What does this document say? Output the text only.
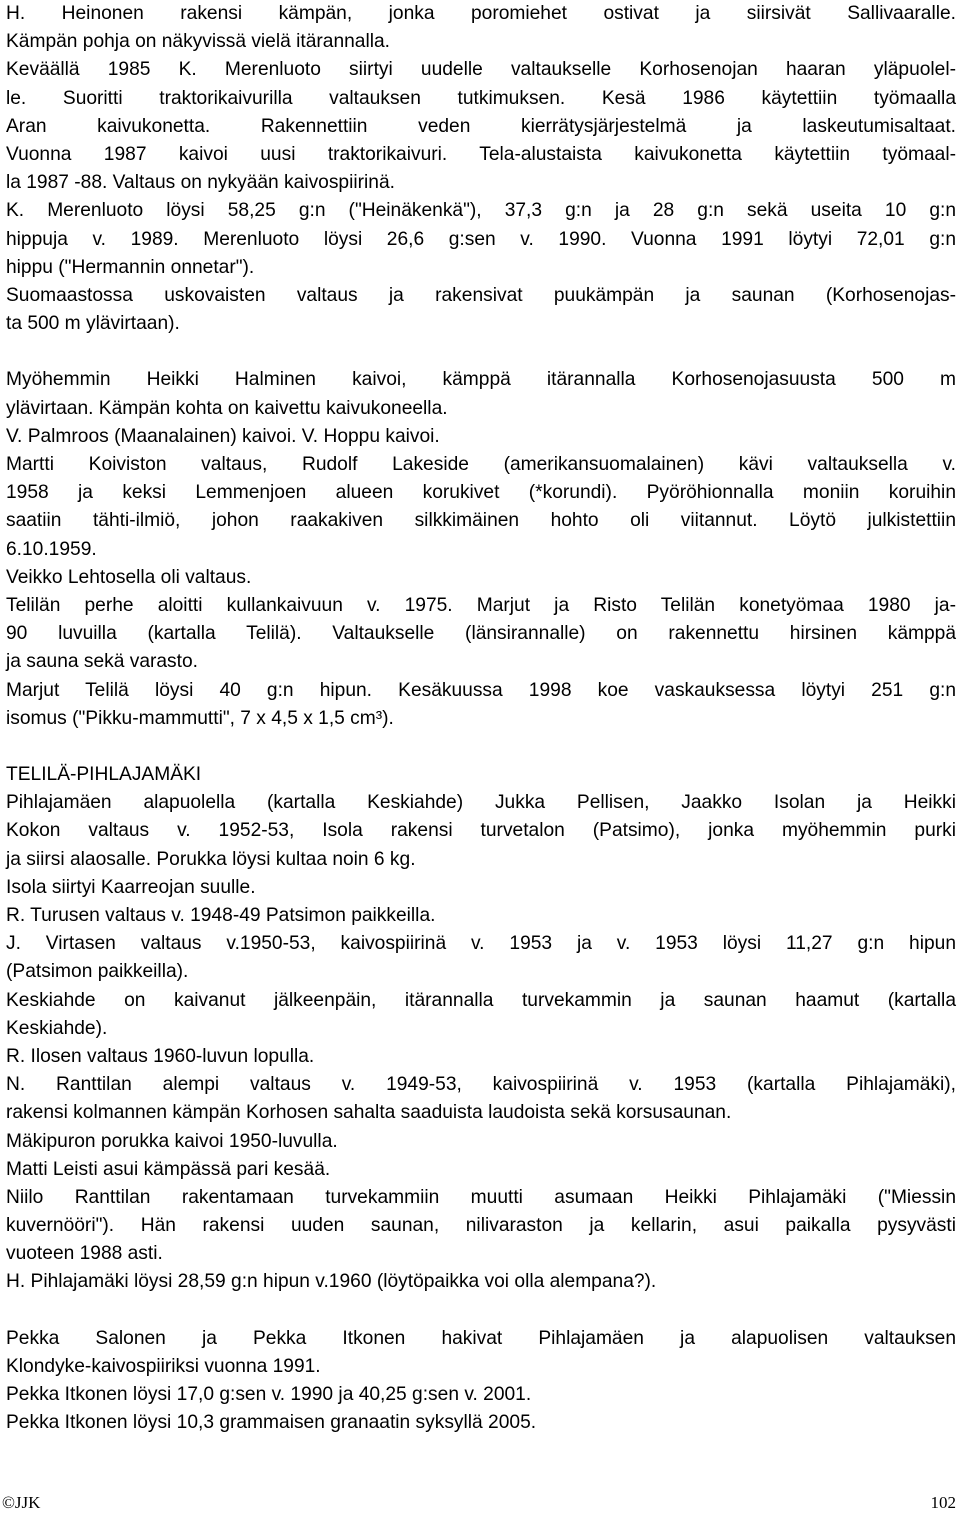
H. Heinonen rakensi kämpän, jonka poromiehet ostivat ja siirsivät Sallivaaralle.
Kämpän pohja on näkyvissä vielä itärannalla.
Keväällä 1985 K. Merenluoto siirtyi uudelle valtaukselle Korhosenojan haaran yläpuolel-
le. Suoritti traktorikaivurilla valtauksen tutkimuksen. Kesä 1986 käytettiin työmaalla
Aran kaivukonetta. Rakennettiin veden kierrätysjärjestelmä ja laskeutumisaltaat.
Vuonna 1987 kaivoi uusi traktorikaivuri. Tela-alustaista kaivukonetta käytettiin työmaal-
la 1987 -88. Valtaus on nykyään kaivospiirinä.
K. Merenluoto löysi 58,25 g:n ("Heinäkenkä"), 37,3 g:n ja 28 g:n sekä useita 10 g:n
hippuja v. 1989. Merenluoto löysi 26,6 g:sen v. 1990. Vuonna 1991 löytyi 72,01 g:n
hippu ("Hermannin onnetar").
Suomaastossa uskovaisten valtaus ja rakensivat puukämpän ja saunan (Korhosenojas-
ta 500 m ylävirtaan).
Myöhemmin Heikki Halminen kaivoi, kämppä itärannalla Korhosenojasuusta 500 m
ylävirtaan. Kämpän kohta on kaivettu kaivukoneella.
V. Palmroos (Maanalainen) kaivoi. V. Hoppu kaivoi.
Martti Koiviston valtaus, Rudolf Lakeside (amerikansuomalainen) kävi valtauksella v.
1958 ja keksi Lemmenjoen alueen korukivet (*korundi). Pyöröhionnalla moniin koruihin
saatiin tähti-ilmiö, johon raakakiven silkkimäinen hohto oli viitannut. Löytö julkistettiin
6.10.1959.
Veikko Lehtosella oli valtaus.
Telilän perhe aloitti kullankaivuun v. 1975. Marjut ja Risto Telilän konetyömaa 1980 ja-
90 luvuilla (kartalla Telilä). Valtaukselle (länsirannalle) on rakennettu hirsinen kämppä
ja sauna sekä varasto.
Marjut Telilä löysi 40 g:n hipun. Kesäkuussa 1998 koe vaskauksessa löytyi 251 g:n
isomus ("Pikku-mammutti", 7 x 4,5 x 1,5 cm³).
TELILÄ-PIHLAJAMÄKI
Pihlajamäen alapuolella (kartalla Keskiahde) Jukka Pellisen, Jaakko Isolan ja Heikki
Kokon valtaus v. 1952-53, Isola rakensi turvetalon (Patsimo), jonka myöhemmin purki
ja siirsi alaosalle. Porukka löysi kultaa noin 6 kg.
Isola siirtyi Kaarreojan suulle.
R. Turusen valtaus v. 1948-49 Patsimon paikkeilla.
J. Virtasen valtaus v.1950-53, kaivospiirinä v. 1953 ja v. 1953 löysi 11,27 g:n hipun
(Patsimon paikkeilla).
Keskiahde on kaivanut jälkeenpäin, itärannalla turvekammin ja saunan haamut (kartalla
Keskiahde).
R. Ilosen valtaus 1960-luvun lopulla.
N. Ranttilan alempi valtaus v. 1949-53, kaivospiirinä v. 1953 (kartalla Pihlajamäki),
rakensi kolmannen kämpän Korhosen sahalta saaduista laudoista sekä korsusaunan.
Mäkipuron porukka kaivoi 1950-luvulla.
Matti Leisti asui kämpässä pari kesää.
Niilo Ranttilan rakentamaan turvekammiin muutti asumaan Heikki Pihlajamäki ("Miessin
kuvernööri"). Hän rakensi uuden saunan, nilivaraston ja kellarin, asui paikalla pysyvästi
vuoteen 1988 asti.
H. Pihlajamäki löysi 28,59 g:n hipun v.1960 (löytöpaikka voi olla alempana?).
Pekka Salonen ja Pekka Itkonen hakivat Pihlajamäen ja alapuolisen valtauksen
Klondyke-kaivospiiriksi vuonna 1991.
Pekka Itkonen löysi 17,0 g:sen v. 1990 ja 40,25 g:sen v. 2001.
Pekka Itkonen löysi 10,3 grammaisen granaatin syksyllä 2005.
©JJK	102
